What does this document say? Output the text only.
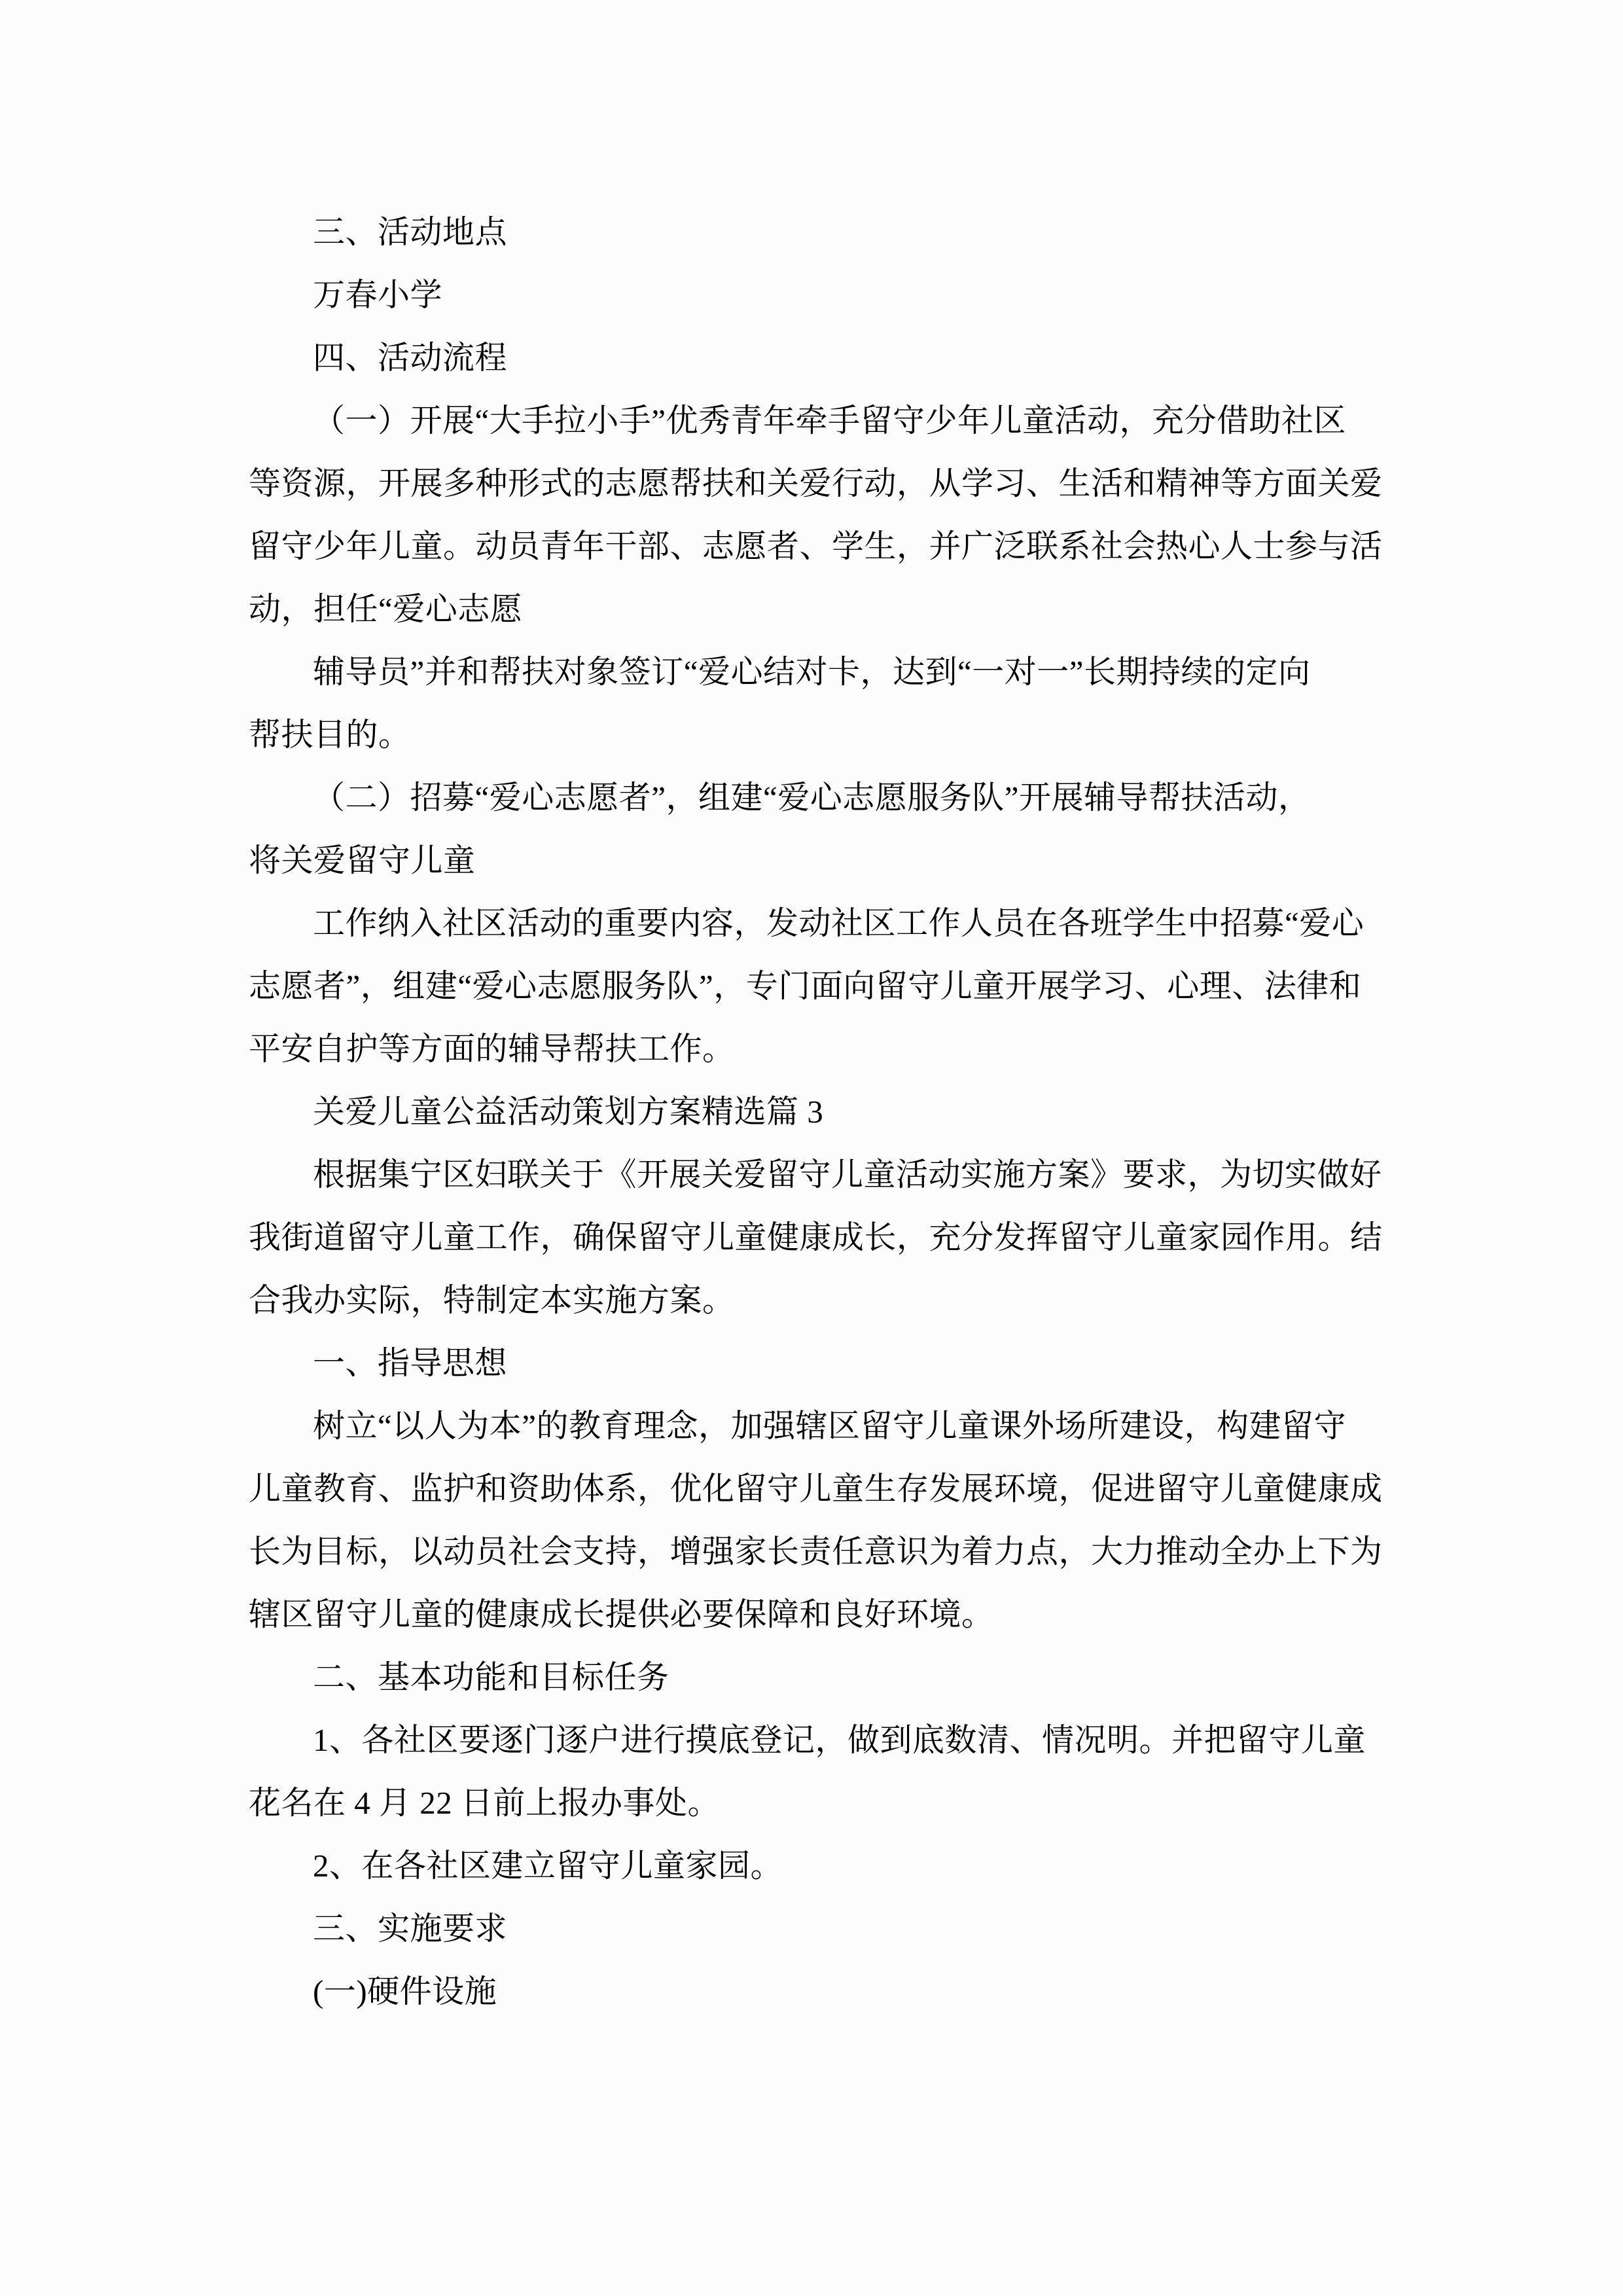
三、活动地点
万春小学
四、活动流程
（一）开展“大手拉小手”优秀青年牵手留守少年儿童活动，充分借助社区
等资源，开展多种形式的志愿帮扶和关爱行动，从学习、生活和精神等方面关爱
留守少年儿童。动员青年干部、志愿者、学生，并广泛联系社会热心人士参与活
动，担任“爱心志愿
辅导员”并和帮扶对象签订“爱心结对卡，达到“一对一”长期持续的定向
帮扶目的。
（二）招募“爱心志愿者”，组建“爱心志愿服务队”开展辅导帮扶活动，
将关爱留守儿童
工作纳入社区活动的重要内容，发动社区工作人员在各班学生中招募“爱心
志愿者”，组建“爱心志愿服务队”，专门面向留守儿童开展学习、心理、法律和
平安自护等方面的辅导帮扶工作。
关爱儿童公益活动策划方案精选篇 3
根据集宁区妇联关于《开展关爱留守儿童活动实施方案》要求，为切实做好
我街道留守儿童工作，确保留守儿童健康成长，充分发挥留守儿童家园作用。结
合我办实际，特制定本实施方案。
一、指导思想
树立“以人为本”的教育理念，加强辖区留守儿童课外场所建设，构建留守
儿童教育、监护和资助体系，优化留守儿童生存发展环境，促进留守儿童健康成
长为目标，以动员社会支持，增强家长责任意识为着力点，大力推动全办上下为
辖区留守儿童的健康成长提供必要保障和良好环境。
二、基本功能和目标任务
1、各社区要逐门逐户进行摸底登记，做到底数清、情况明。并把留守儿童
花名在 4 月 22 日前上报办事处。
2、在各社区建立留守儿童家园。
三、实施要求
(一)硬件设施
